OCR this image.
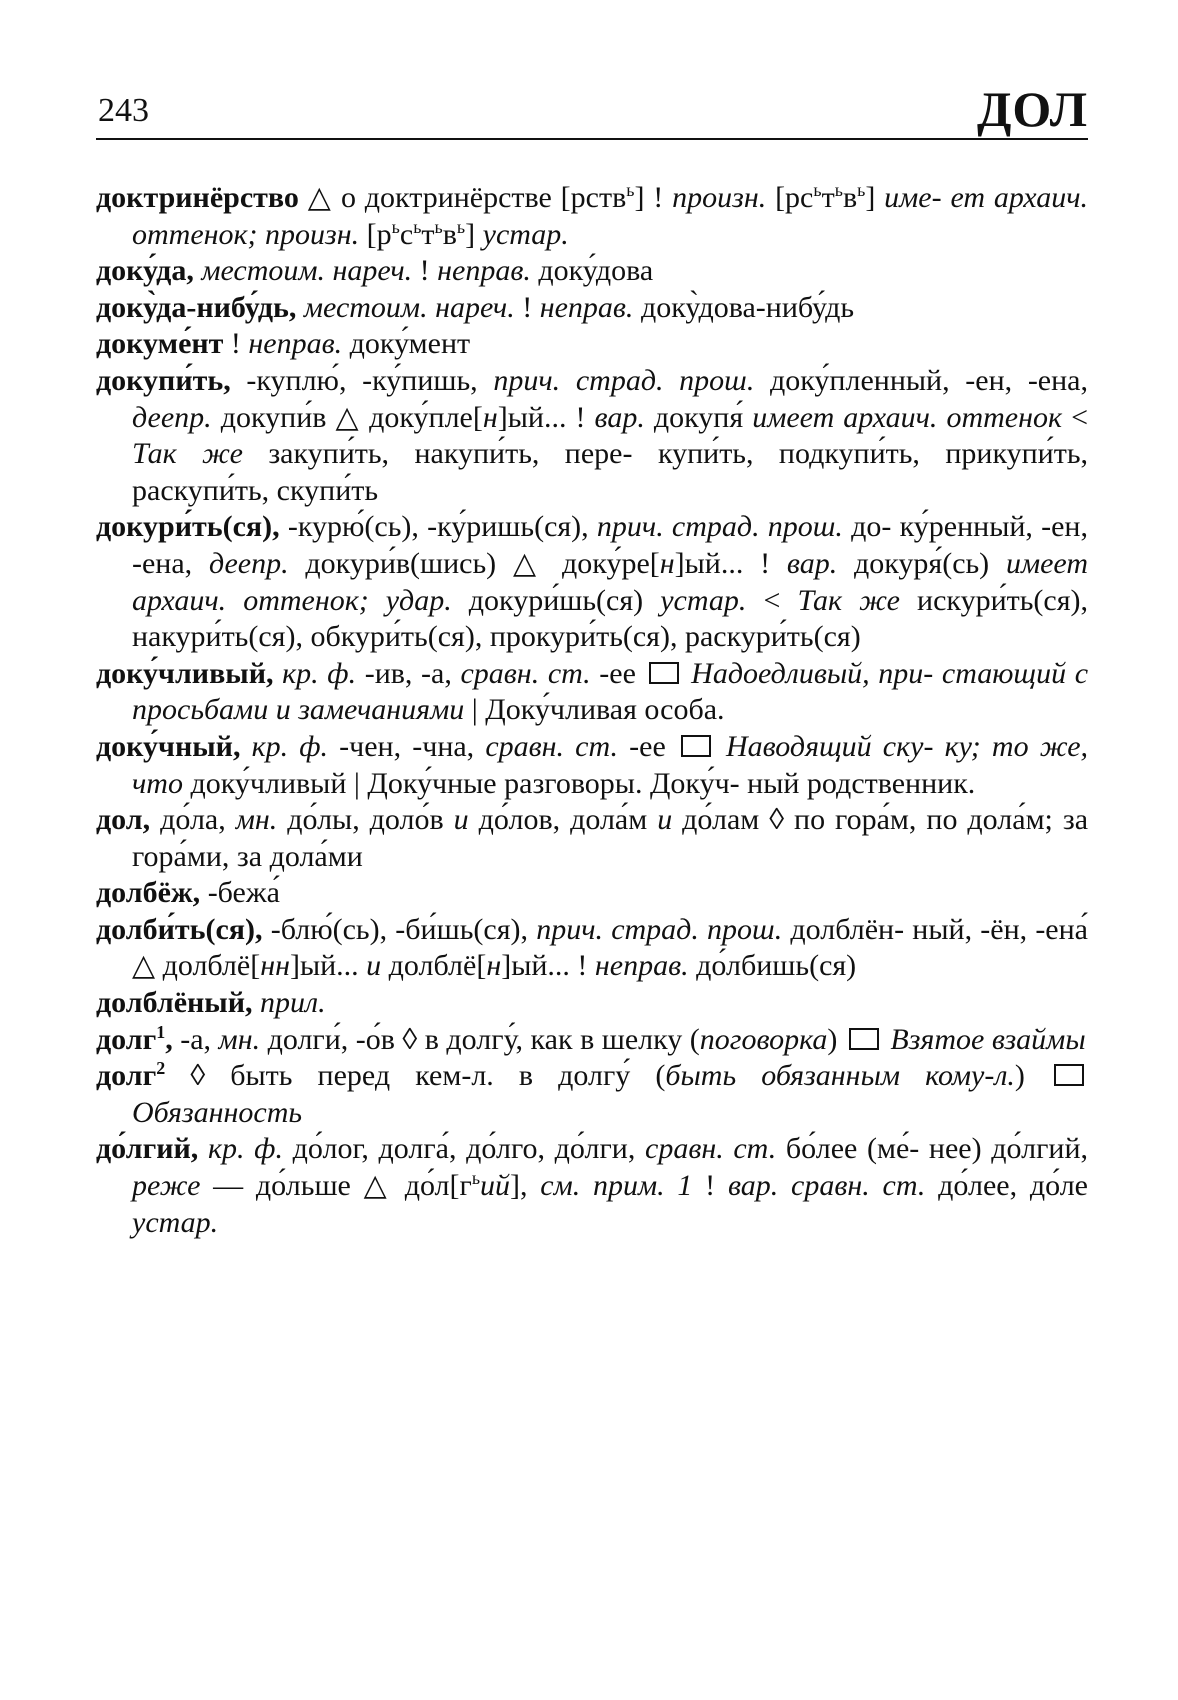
243	ДОЛ

доктринёрство △ о доктринёрстве [рств$^ь$] ! произн. $[рс^ьт^ьв^ь]$ име- ет архаич. оттенок; произн. $[р^ьс^ьт^ьв^ь]$ устар.

доку́да, местоим. нареч. ! неправ. доку́дова

доку̀да-нибу́дь, местоим. нареч. ! неправ. доку̀дова-нибу́дь

докуме́нт ! неправ. доку́мент

докупи́ть, -куплю́, -ку́пишь, прич. страд. прош. доку́пленный, -ен, -ена, деепр. докупи́в △ доку́пле[н]ый... ! вар. докупя́ имеет архаич. оттенок < Так же закупи́ть, накупи́ть, пере- купи́ть, подкупи́ть, прикупи́ть, раскупи́ть, скупи́ть

докури́ть(ся), -курю́(сь), -ку́ришь(ся), прич. страд. прош. до- ку́ренный, -ен, -ена, деепр. докури́в(шись) △ доку́ре[н]ый... ! вар. докуря́(сь) имеет архаич. оттенок; удар. докури́шь(ся) устар. < Так же искури́ть(ся), накури́ть(ся), обкури́ть(ся), прокури́ть(ся), раскури́ть(ся)

доку́чливый, кр. ф. -ив, -а, сравн. ст. -ее  Надоедливый, при- стающий с просьбами и замечаниями | Доку́чливая особа.

доку́чный, кр. ф. -чен, -чна, сравн. ст. -ее  Наводящий ску- ку; то же, что доку́чливый | Доку́чные разговоры. Доку́ч- ный родственник.

дол, до́ла, мн. до́лы, доло́в и до́лов, дола́м и до́лам ◊ по гора́м, по дола́м; за гора́ми, за дола́ми

долбёж, -бежа́

долби́ть(ся), -блю́(сь), -би́шь(ся), прич. страд. прош. долблён- ный, -ён, -ена́ △ долблё[нн]ый... и долблё[н]ый... ! неправ. до́лбишь(ся)

долблёный, прил.

долг$^1$, -а, мн. долги́, -о́в ◊ в долгу́, как в шелку (поговорка) Взятое взаймы

долг$^2$ ◊ быть перед кем-л. в долгу́ (быть обязанным кому-л.)  Обязанность

до́лгий, кр. ф. до́лог, долга́, до́лго, до́лги, сравн. ст. бо́лее (ме́- нее) до́лгий, реже — до́льше △ $до́л[г^ьий]$, см. прим. 1 ! вар. сравн. ст. до́лее, до́ле устар.
